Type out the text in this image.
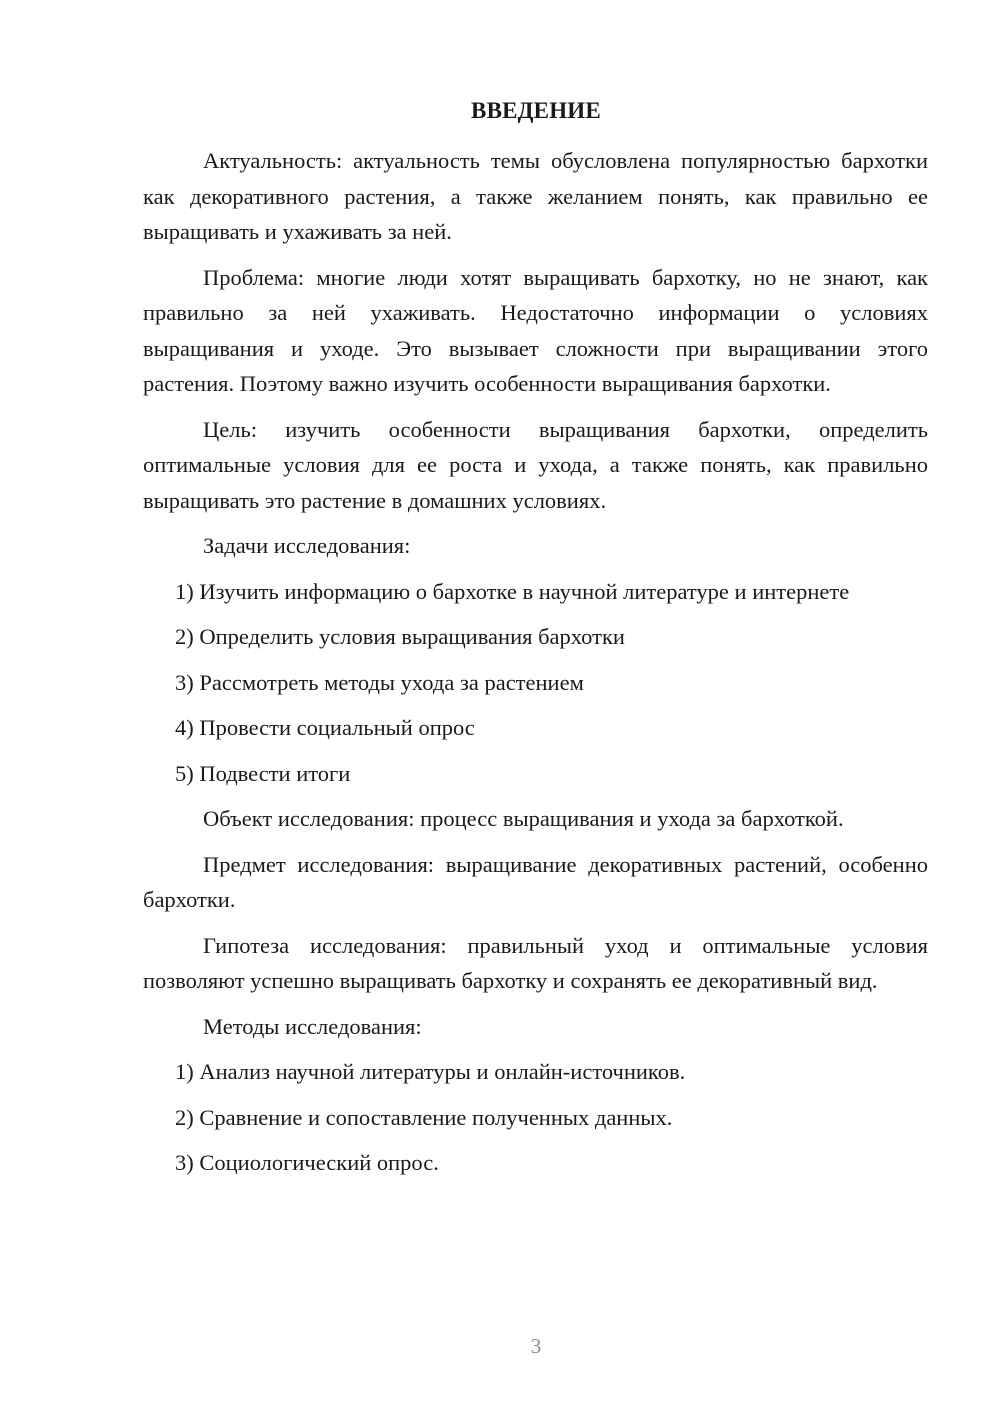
ВВЕДЕНИЕ

Актуальность: актуальность темы обусловлена популярностью бархотки как декоративного растения, а также желанием понять, как правильно ее выращивать и ухаживать за ней.

Проблема: многие люди хотят выращивать бархотку, но не знают, как правильно за ней ухаживать. Недостаточно информации о условиях выращивания и уходе. Это вызывает сложности при выращивании этого растения. Поэтому важно изучить особенности выращивания бархотки.

Цель: изучить особенности выращивания бархотки, определить оптимальные условия для ее роста и ухода, а также понять, как правильно выращивать это растение в домашних условиях.

Задачи исследования:

1) Изучить информацию о бархотке в научной литературе и интернете

2) Определить условия выращивания бархотки

3) Рассмотреть методы ухода за растением

4) Провести социальный опрос

5) Подвести итоги

Объект исследования: процесс выращивания и ухода за бархоткой.

Предмет исследования: выращивание декоративных растений, особенно бархотки.

Гипотеза исследования: правильный уход и оптимальные условия позволяют успешно выращивать бархотку и сохранять ее декоративный вид.

Методы исследования:

1) Анализ научной литературы и онлайн-источников.

2) Сравнение и сопоставление полученных данных.

3) Социологический опрос.

3
